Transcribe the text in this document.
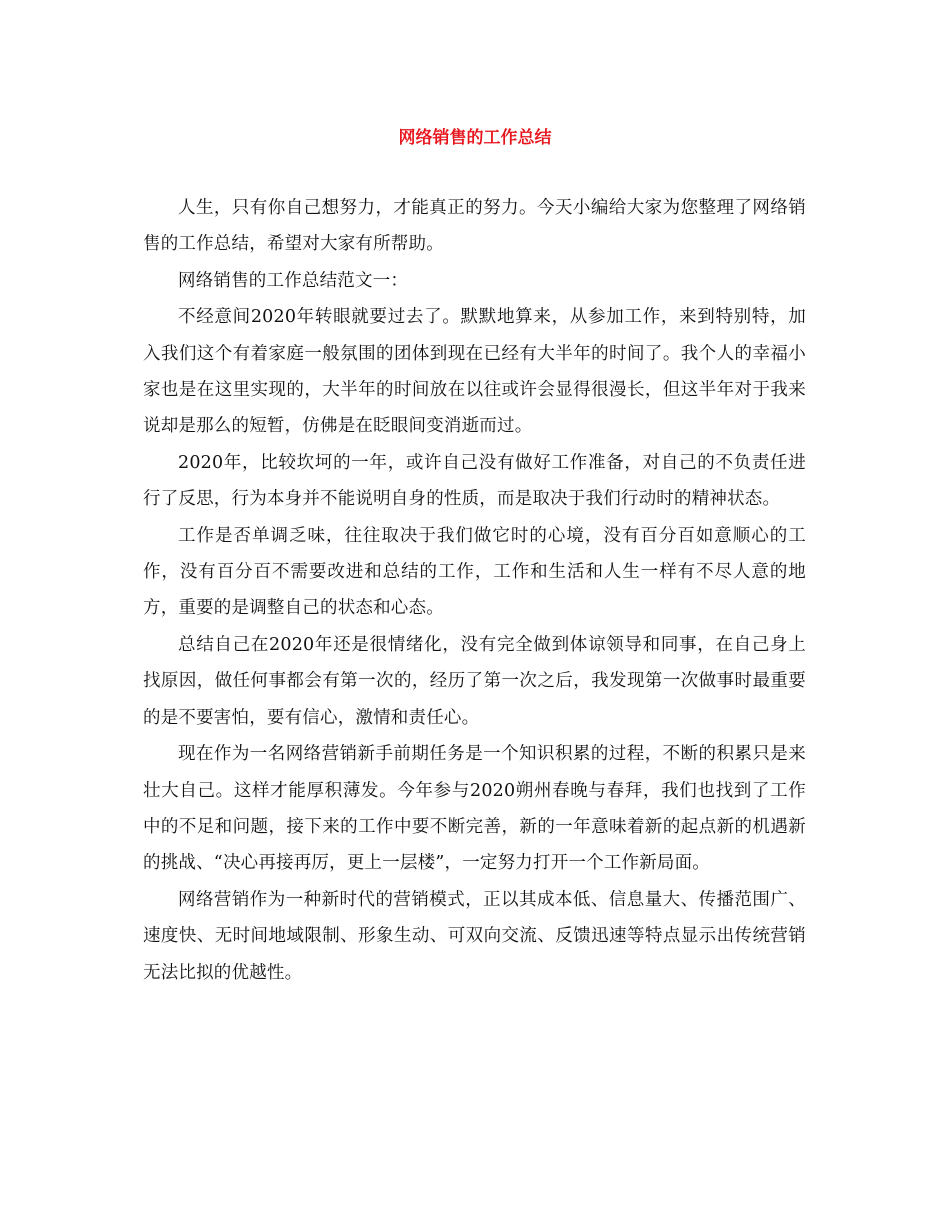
网络销售的工作总结

人生，只有你自己想努力，才能真正的努力。今天小编给大家为您整理了网络销售的工作总结，希望对大家有所帮助。

网络销售的工作总结范文一：

不经意间2020年转眼就要过去了。默默地算来，从参加工作，来到特别特，加入我们这个有着家庭一般氛围的团体到现在已经有大半年的时间了。我个人的幸福小家也是在这里实现的，大半年的时间放在以往或许会显得很漫长，但这半年对于我来说却是那么的短暂，仿佛是在眨眼间变消逝而过。

2020年，比较坎坷的一年，或许自己没有做好工作准备，对自己的不负责任进行了反思，行为本身并不能说明自身的性质，而是取决于我们行动时的精神状态。

工作是否单调乏味，往往取决于我们做它时的心境，没有百分百如意顺心的工作，没有百分百不需要改进和总结的工作，工作和生活和人生一样有不尽人意的地方，重要的是调整自己的状态和心态。

总结自己在2020年还是很情绪化，没有完全做到体谅领导和同事，在自己身上找原因，做任何事都会有第一次的，经历了第一次之后，我发现第一次做事时最重要的是不要害怕，要有信心，激情和责任心。

现在作为一名网络营销新手前期任务是一个知识积累的过程，不断的积累只是来壮大自己。这样才能厚积薄发。今年参与2020朔州春晚与春拜，我们也找到了工作中的不足和问题，接下来的工作中要不断完善，新的一年意味着新的起点新的机遇新的挑战、“决心再接再厉，更上一层楼”，一定努力打开一个工作新局面。

网络营销作为一种新时代的营销模式，正以其成本低、信息量大、传播范围广、速度快、无时间地域限制、形象生动、可双向交流、反馈迅速等特点显示出传统营销无法比拟的优越性。
